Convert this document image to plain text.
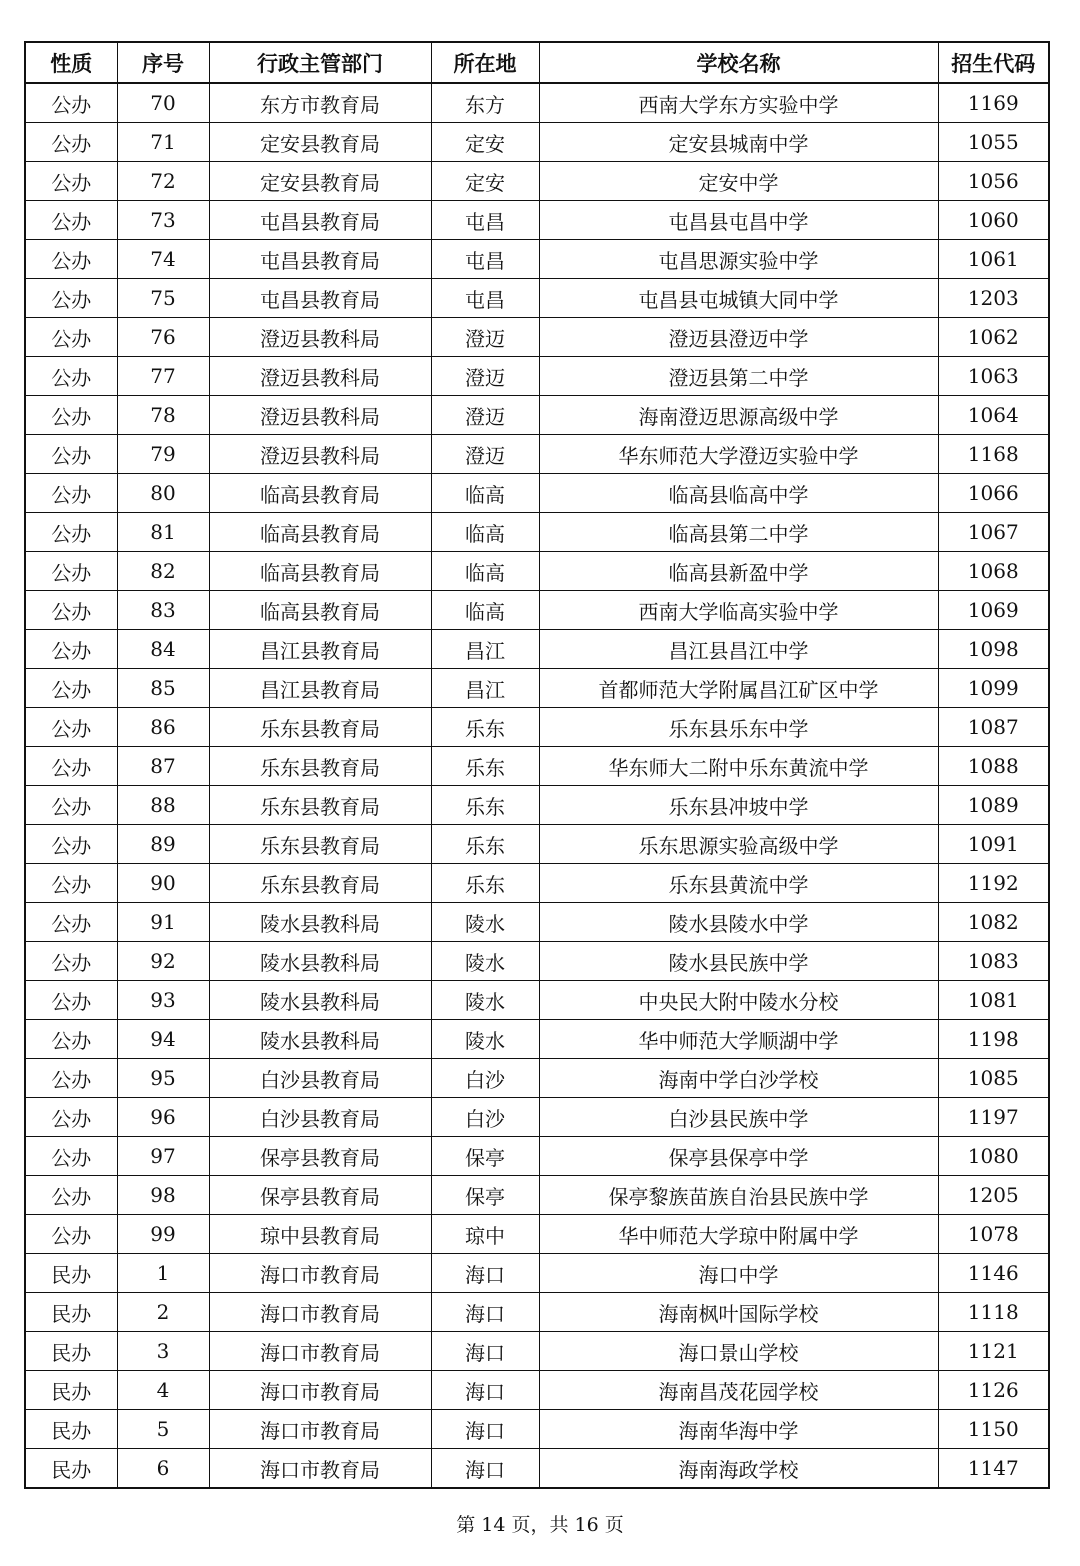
性质	序号	行政主管部门	所在地	学校名称	招生代码
公办	70	东方市教育局	东方	西南大学东方实验中学	1169
公办	71	定安县教育局	定安	定安县城南中学	1055
公办	72	定安县教育局	定安	定安中学	1056
公办	73	屯昌县教育局	屯昌	屯昌县屯昌中学	1060
公办	74	屯昌县教育局	屯昌	屯昌思源实验中学	1061
公办	75	屯昌县教育局	屯昌	屯昌县屯城镇大同中学	1203
公办	76	澄迈县教科局	澄迈	澄迈县澄迈中学	1062
公办	77	澄迈县教科局	澄迈	澄迈县第二中学	1063
公办	78	澄迈县教科局	澄迈	海南澄迈思源高级中学	1064
公办	79	澄迈县教科局	澄迈	华东师范大学澄迈实验中学	1168
公办	80	临高县教育局	临高	临高县临高中学	1066
公办	81	临高县教育局	临高	临高县第二中学	1067
公办	82	临高县教育局	临高	临高县新盈中学	1068
公办	83	临高县教育局	临高	西南大学临高实验中学	1069
公办	84	昌江县教育局	昌江	昌江县昌江中学	1098
公办	85	昌江县教育局	昌江	首都师范大学附属昌江矿区中学	1099
公办	86	乐东县教育局	乐东	乐东县乐东中学	1087
公办	87	乐东县教育局	乐东	华东师大二附中乐东黄流中学	1088
公办	88	乐东县教育局	乐东	乐东县冲坡中学	1089
公办	89	乐东县教育局	乐东	乐东思源实验高级中学	1091
公办	90	乐东县教育局	乐东	乐东县黄流中学	1192
公办	91	陵水县教科局	陵水	陵水县陵水中学	1082
公办	92	陵水县教科局	陵水	陵水县民族中学	1083
公办	93	陵水县教科局	陵水	中央民大附中陵水分校	1081
公办	94	陵水县教科局	陵水	华中师范大学顺湖中学	1198
公办	95	白沙县教育局	白沙	海南中学白沙学校	1085
公办	96	白沙县教育局	白沙	白沙县民族中学	1197
公办	97	保亭县教育局	保亭	保亭县保亭中学	1080
公办	98	保亭县教育局	保亭	保亭黎族苗族自治县民族中学	1205
公办	99	琼中县教育局	琼中	华中师范大学琼中附属中学	1078
民办	1	海口市教育局	海口	海口中学	1146
民办	2	海口市教育局	海口	海南枫叶国际学校	1118
民办	3	海口市教育局	海口	海口景山学校	1121
民办	4	海口市教育局	海口	海南昌茂花园学校	1126
民办	5	海口市教育局	海口	海南华海中学	1150
民办	6	海口市教育局	海口	海南海政学校	1147
第 14 页，共 16 页
